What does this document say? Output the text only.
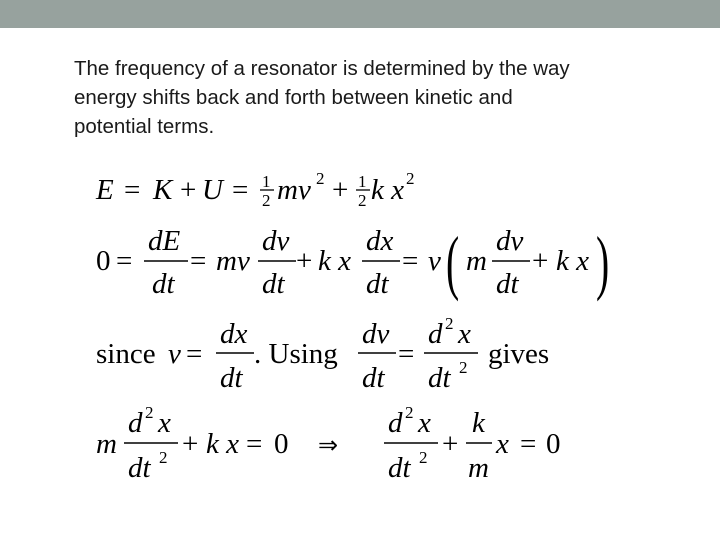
The frequency of a resonator is determined by the way
energy shifts back and forth between kinetic and
potential terms.
E = K + U = 1
2 mv 2 + 1
2 k x 2
0 =
dE
dt
= mv
dv
dt
+ k x
dx
dt
= v ( m
dv
dt
+ k x )
since v =
dx
dt
. Using
dv
dt
=
d 2 x
dt 2 gives
m
d 2 x
dt 2 + k x = 0 ⇒
d 2 x
dt 2 +
k
m
x = 0
